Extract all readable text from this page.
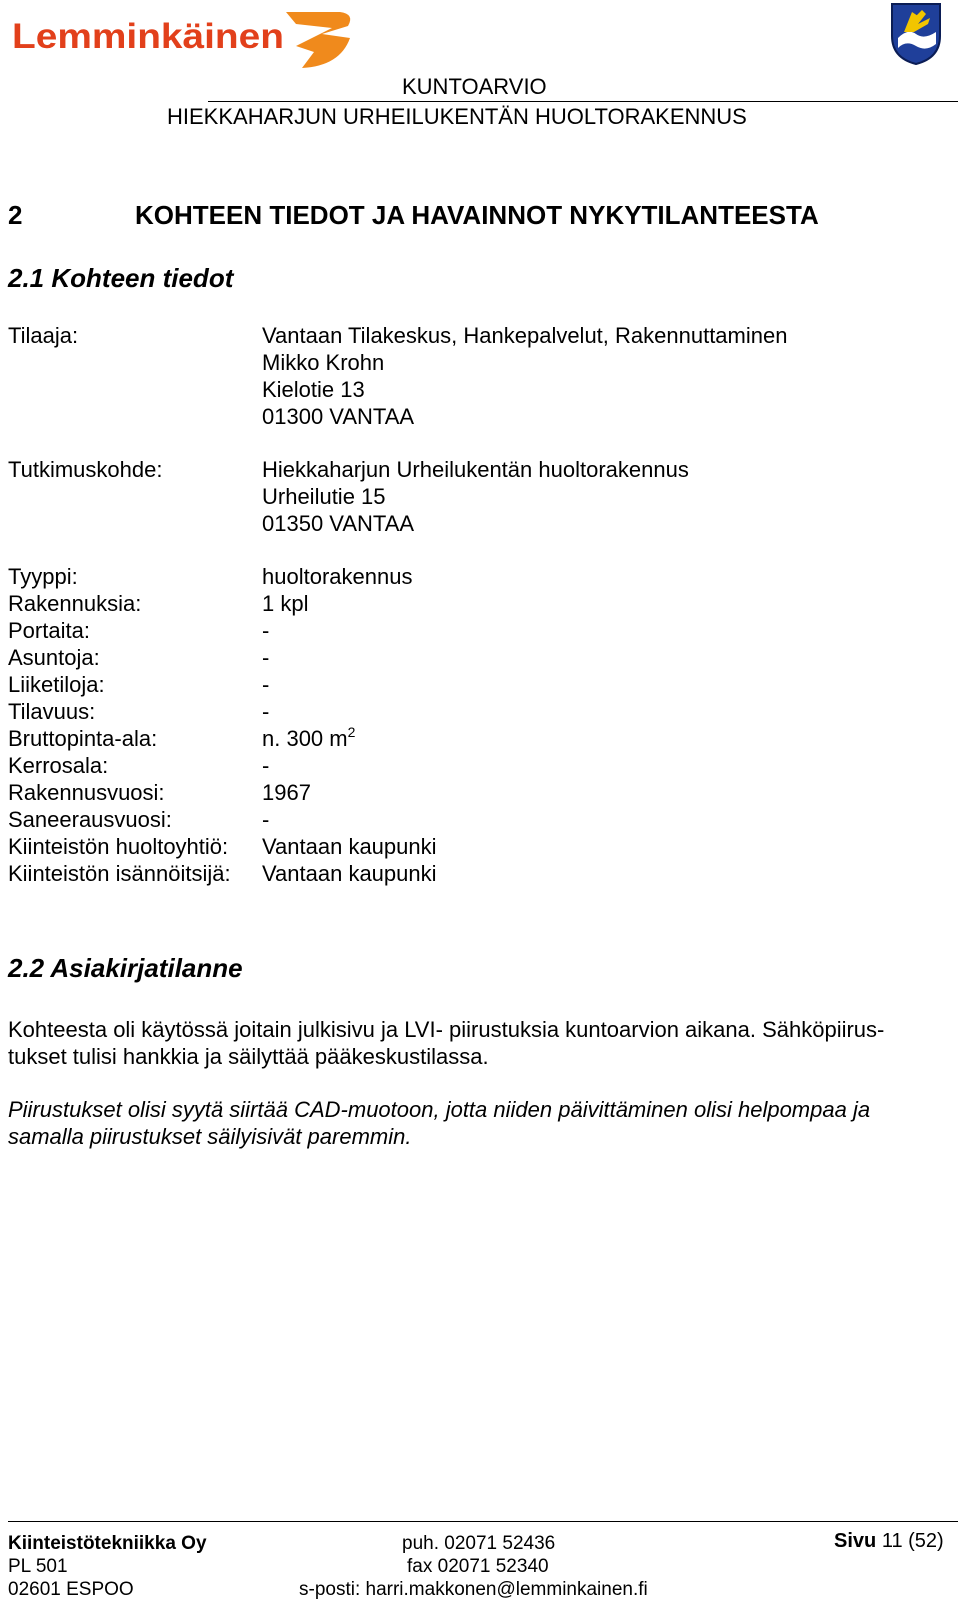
Lemminkäinen
KUNTOARVIO
HIEKKAHARJUN URHEILUKENTÄN HUOLTORAKENNUS
2	KOHTEEN TIEDOT JA HAVAINNOT NYKYTILANTEESTA
2.1 Kohteen tiedot
Tilaaja:	Vantaan Tilakeskus, Hankepalvelut, Rakennuttaminen
Mikko Krohn
Kielotie 13
01300 VANTAA
Tutkimuskohde:	Hiekkaharjun Urheilukentän huoltorakennus
Urheilutie 15
01350 VANTAA
Tyyppi:	huoltorakennus
Rakennuksia:	1 kpl
Portaita:	-
Asuntoja:	-
Liiketiloja:	-
Tilavuus:	-
Bruttopinta-ala:	n. 300 $m^2$
Kerrosala:	-
Rakennusvuosi:	1967
Saneerausvuosi:	-
Kiinteistön huoltoyhtiö: Vantaan kaupunki
Kiinteistön isännöitsijä: Vantaan kaupunki
2.2 Asiakirjatilanne
Kohteesta oli käytössä joitain julkisivu ja LVI- piirustuksia kuntoarvion aikana. Sähköpiirus-
tukset tulisi hankkia ja säilyttää pääkeskustilassa.
Piirustukset olisi syytä siirtää CAD-muotoon, jotta niiden päivittäminen olisi helpompaa ja
samalla piirustukset säilyisivät paremmin.
Kiinteistötekniikka Oy
PL 501
02601 ESPOO
puh. 02071 52436
fax 02071 52340
s-posti: harri.makkonen@lemminkainen.fi
Sivu 11 (52)
